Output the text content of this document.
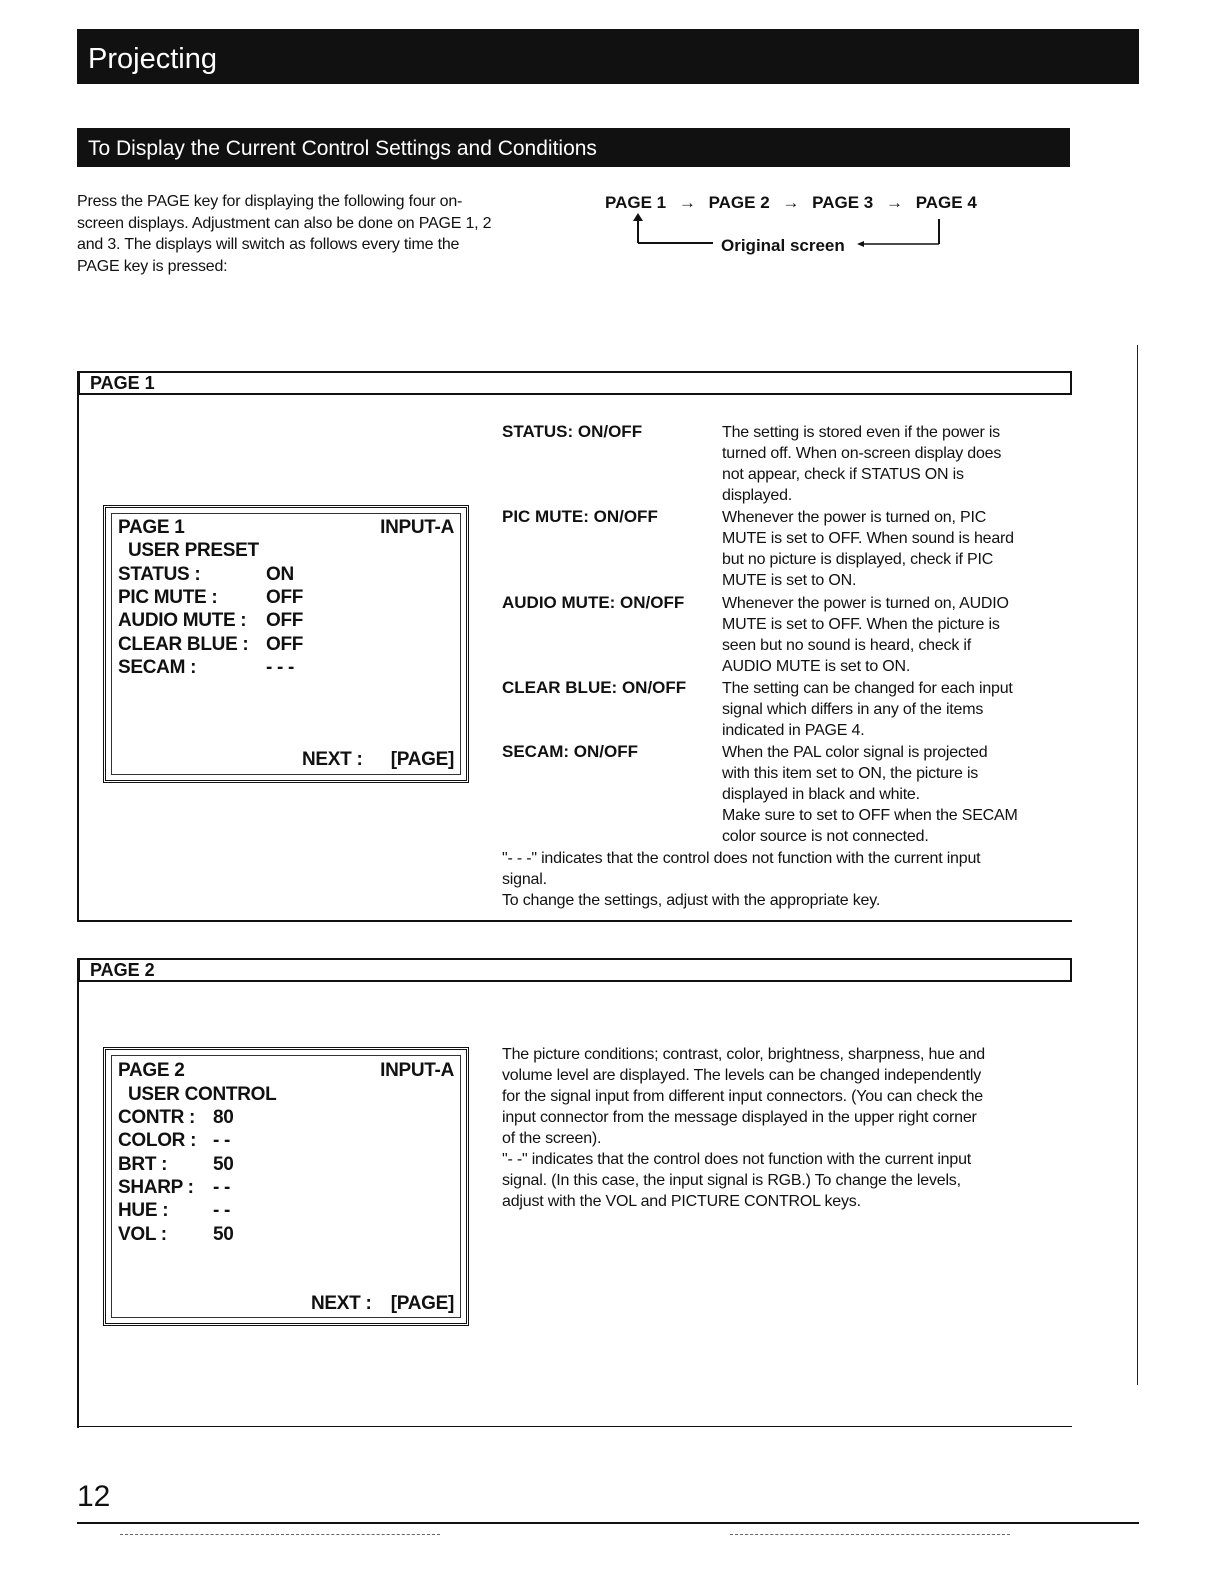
Projecting
To Display the Current Control Settings and Conditions
Press the PAGE key for displaying the following four on-
screen displays. Adjustment can also be done on PAGE 1, 2
and 3. The displays will switch as follows every time the
PAGE key is pressed:
PAGE 1 → PAGE 2 → PAGE 3 → PAGE 4
Original screen
PAGE 1
PAGE 1	INPUT-A
USER PRESET
STATUS :	ON
PIC MUTE :	OFF
AUDIO MUTE : OFF
CLEAR BLUE : OFF
SECAM :	- - -
NEXT : [PAGE]
STATUS: ON/OFF	The setting is stored even if the power is
turned off. When on-screen display does
not appear, check if STATUS ON is
displayed.
PIC MUTE: ON/OFF	Whenever the power is turned on, PIC
MUTE is set to OFF. When sound is heard
but no picture is displayed, check if PIC
MUTE is set to ON.
AUDIO MUTE: ON/OFF Whenever the power is turned on, AUDIO
MUTE is set to OFF. When the picture is
seen but no sound is heard, check if
AUDIO MUTE is set to ON.
CLEAR BLUE: ON/OFF The setting can be changed for each input
signal which differs in any of the items
indicated in PAGE 4.
SECAM: ON/OFF	When the PAL color signal is projected
with this item set to ON, the picture is
displayed in black and white.
Make sure to set to OFF when the SECAM
color source is not connected.
"- - -" indicates that the control does not function with the current input
signal.
To change the settings, adjust with the appropriate key.
PAGE 2
PAGE 2	INPUT-A
USER CONTROL
CONTR : 80
COLOR : - -
BRT : 50
SHARP : - -
HUE : - -
VOL : 50
NEXT : [PAGE]
The picture conditions; contrast, color, brightness, sharpness, hue and
volume level are displayed. The levels can be changed independently
for the signal input from different input connectors. (You can check the
input connector from the message displayed in the upper right corner
of the screen).
"- -" indicates that the control does not function with the current input
signal. (In this case, the input signal is RGB.) To change the levels,
adjust with the VOL and PICTURE CONTROL keys.
12
